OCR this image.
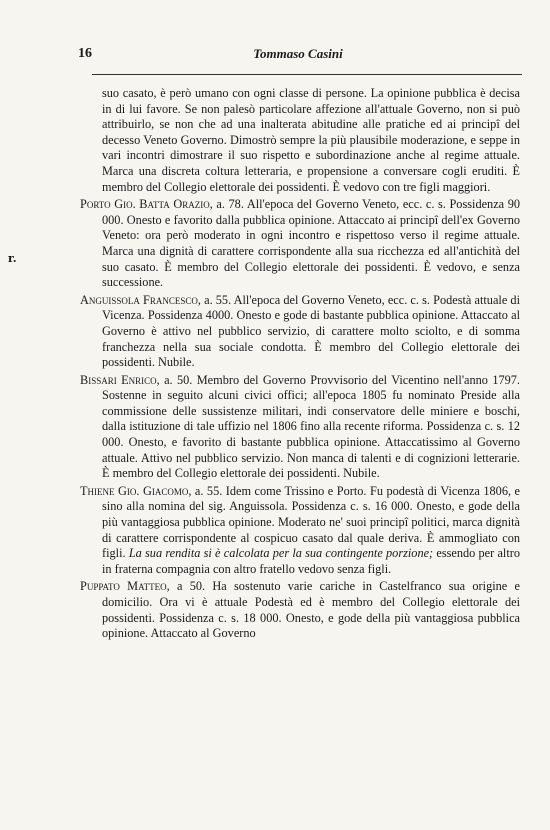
16	Tommaso Casini
r.

suo casato, è però umano con ogni classe di persone. La opinione pubblica è decisa in di lui favore. Se non palesò particolare affezione all'attuale Governo, non si può attribuirlo, se non che ad una inalterata abitudine alle pratiche ed ai principî del decesso Veneto Governo. Dimostrò sempre la più plausibile moderazione, e seppe in vari incontri dimostrare il suo rispetto e subordinazione anche al regime attuale. Marca una discreta coltura letteraria, e propensione a conversare cogli eruditi. È membro del Collegio elettorale dei possidenti. È vedovo con tre figli maggiori.

Porto Gio. Batta Orazio, a. 78. All'epoca del Governo Veneto, ecc. c. s. Possidenza 90 000. Onesto e favorito dalla pubblica opinione. Attaccato ai principî dell'ex Governo Veneto: ora però moderato in ogni incontro e rispettoso verso il regime attuale. Marca una dignità di carattere corrispondente alla sua ricchezza ed all'antichità del suo casato. È membro del Collegio elettorale dei possidenti. È vedovo, e senza successione.

Anguissola Francesco, a. 55. All'epoca del Governo Veneto, ecc. c. s. Podestà attuale di Vicenza. Possidenza 4000. Onesto e gode di bastante pubblica opinione. Attaccato al Governo è attivo nel pubblico servizio, di carattere molto sciolto, e di somma franchezza nella sua sociale condotta. È membro del Collegio elettorale dei possidenti. Nubile.

Bissari Enrico, a. 50. Membro del Governo Provvisorio del Vicentino nell'anno 1797. Sostenne in seguito alcuni civici offici; all'epoca 1805 fu nominato Preside alla commissione delle sussistenze militari, indi conservatore delle miniere e boschi, dalla istituzione di tale uffizio nel 1806 fino alla recente riforma. Possidenza c. s. 12 000. Onesto, e favorito di bastante pubblica opinione. Attaccatissimo al Governo attuale. Attivo nel pubblico servizio. Non manca di talenti e di cognizioni letterarie. È membro del Collegio elettorale dei possidenti. Nubile.

Thiene Gio. Giacomo, a. 55. Idem come Trissino e Porto. Fu podestà di Vicenza 1806, e sino alla nomina del sig. Anguissola. Possidenza c. s. 16 000. Onesto, e gode della più vantaggiosa pubblica opinione. Moderato ne' suoi principî politici, marca dignità di carattere corrispondente al cospicuo casato dal quale deriva. È ammogliato con figli. La sua rendita si è calcolata per la sua contingente porzione; essendo per altro in fraterna compagnia con altro fratello vedovo senza figli.

Puppato Matteo, a 50. Ha sostenuto varie cariche in Castelfranco sua origine e domicilio. Ora vi è attuale Podestà ed è membro del Collegio elettorale dei possidenti. Possidenza c. s. 18 000. Onesto, e gode della più vantaggiosa pubblica opinione. Attaccato al Governo
